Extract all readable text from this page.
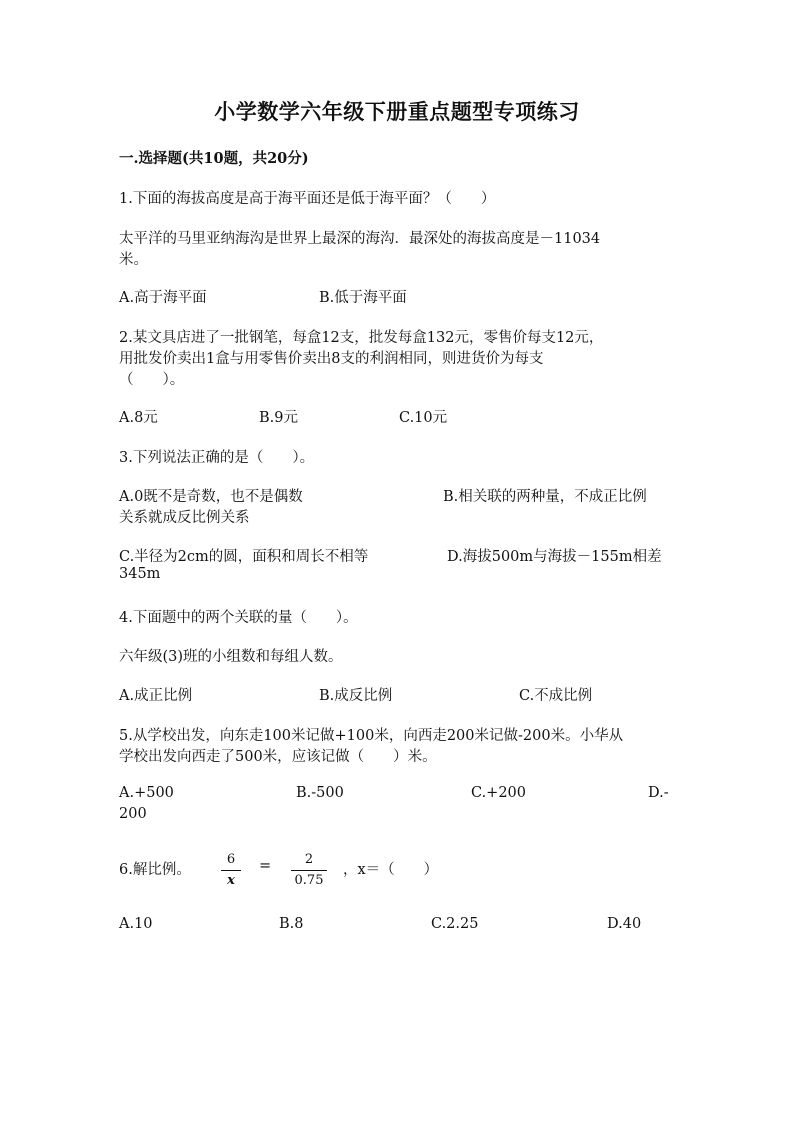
小学数学六年级下册重点题型专项练习
一.选择题(共10题，共20分)
1.下面的海拔高度是高于海平面还是低于海平面？（　　）
太平洋的马里亚纳海沟是世界上最深的海沟．最深处的海拔高度是－11034
米。
A.高于海平面	B.低于海平面
2.某文具店进了一批钢笔，每盒12支，批发每盒132元，零售价每支12元，
用批发价卖出1盒与用零售价卖出8支的利润相同，则进货价为每支
（　　）。
A.8元	B.9元	C.10元
3.下列说法正确的是（　　）。
A.0既不是奇数，也不是偶数	B.相关联的两种量，不成正比例
关系就成反比例关系
C.半径为2cm的圆，面积和周长不相等	D.海拔500m与海拔－155m相差
345m
4.下面题中的两个关联的量（　　）。
六年级(3)班的小组数和每组人数。
A.成正比例	B.成反比例	C.不成比例
5.从学校出发，向东走100米记做+100米，向西走200米记做-200米。小华从
学校出发向西走了500米，应该记做（　　）米。
A.+500	B.-500	C.+200	D.-
200
6.解比例。
6
x
=	2
0.75
，x＝（　　）
A.10	B.8	C.2.25	D.40
